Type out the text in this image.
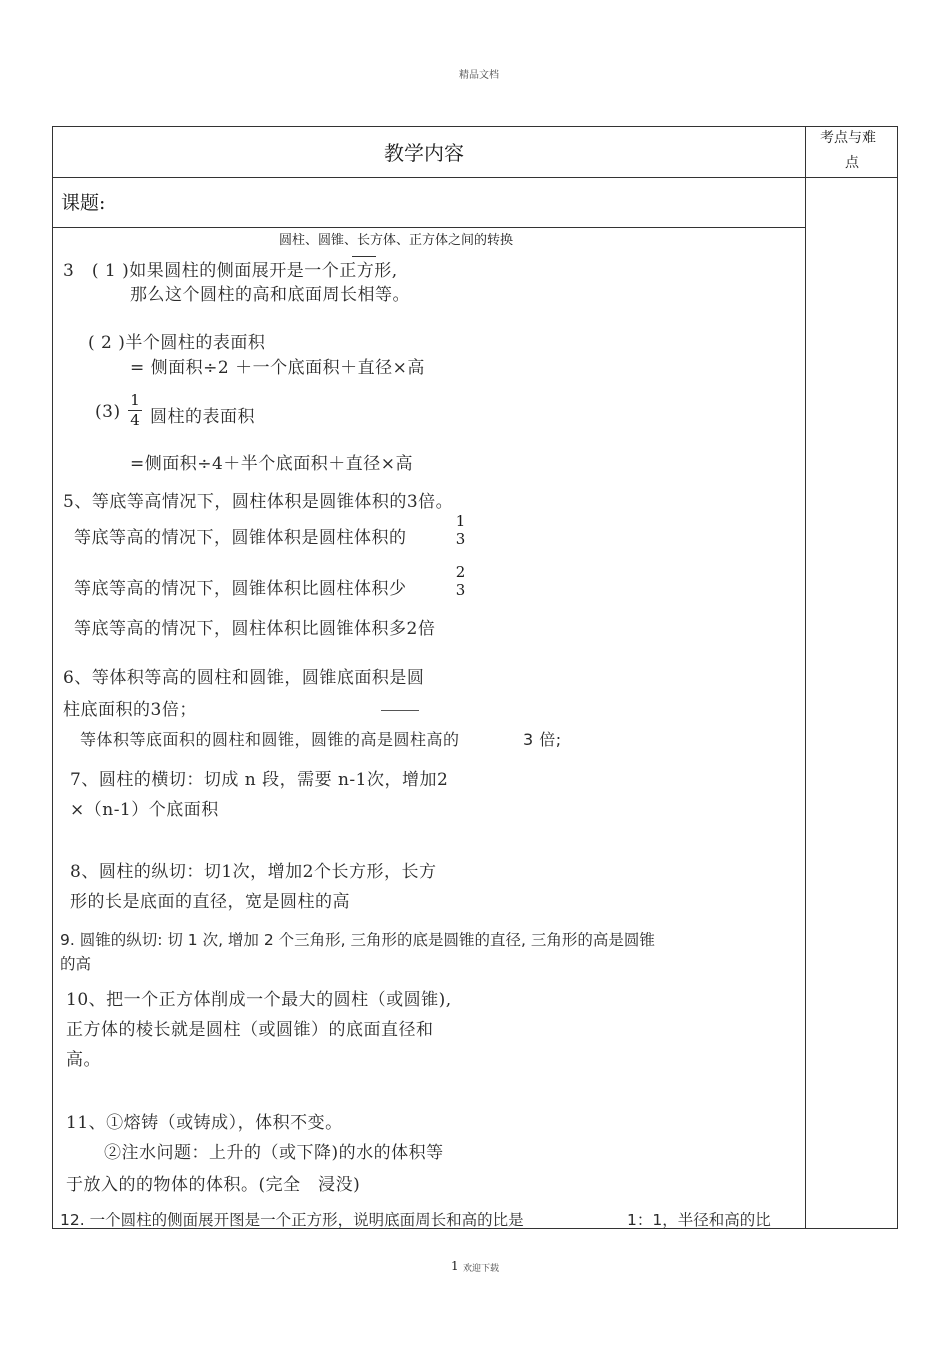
精品文档
教学内容
考点与难
点
课题:
圆柱、圆锥、长方体、正方体之间的转换
3　( 1 )如果圆柱的侧面展开是一个正方形,
那么这个圆柱的高和底面周长相等。
( 2 )半个圆柱的表面积
= 侧面积÷2 ＋一个底面积＋直径×高
(3)
1
4 圆柱的表面积
=侧面积÷4＋半个底面积＋直径×高
5、等底等高情况下，圆柱体积是圆锥体积的3倍。
等底等高的情况下，圆锥体积是圆柱体积的
1
3
等底等高的情况下，圆锥体积比圆柱体积少
2
3
等底等高的情况下，圆柱体积比圆锥体积多2倍
6、等体积等高的圆柱和圆锥，圆锥底面积是圆
柱底面积的3倍；
等体积等底面积的圆柱和圆锥，圆锥的高是圆柱高的	3 倍;
7、圆柱的横切：切成 n 段，需要 n-1次，增加2
×（n-1）个底面积
8、圆柱的纵切：切1次，增加2个长方形，长方
形的长是底面的直径，宽是圆柱的高
9. 圆锥的纵切: 切 1 次, 增加 2 个三角形, 三角形的底是圆锥的直径, 三角形的高是圆锥
的高
10、把一个正方体削成一个最大的圆柱（或圆锥),
正方体的棱长就是圆柱（或圆锥）的底面直径和
高。
11、①熔铸（或铸成），体积不变。
②注水问题：上升的（或下降)的水的体积等
于放入的的物体的体积。(完全　浸没)
12. 一个圆柱的侧面展开图是一个正方形，说明底面周长和高的比是	1：1，半径和高的比
1 欢迎下载
